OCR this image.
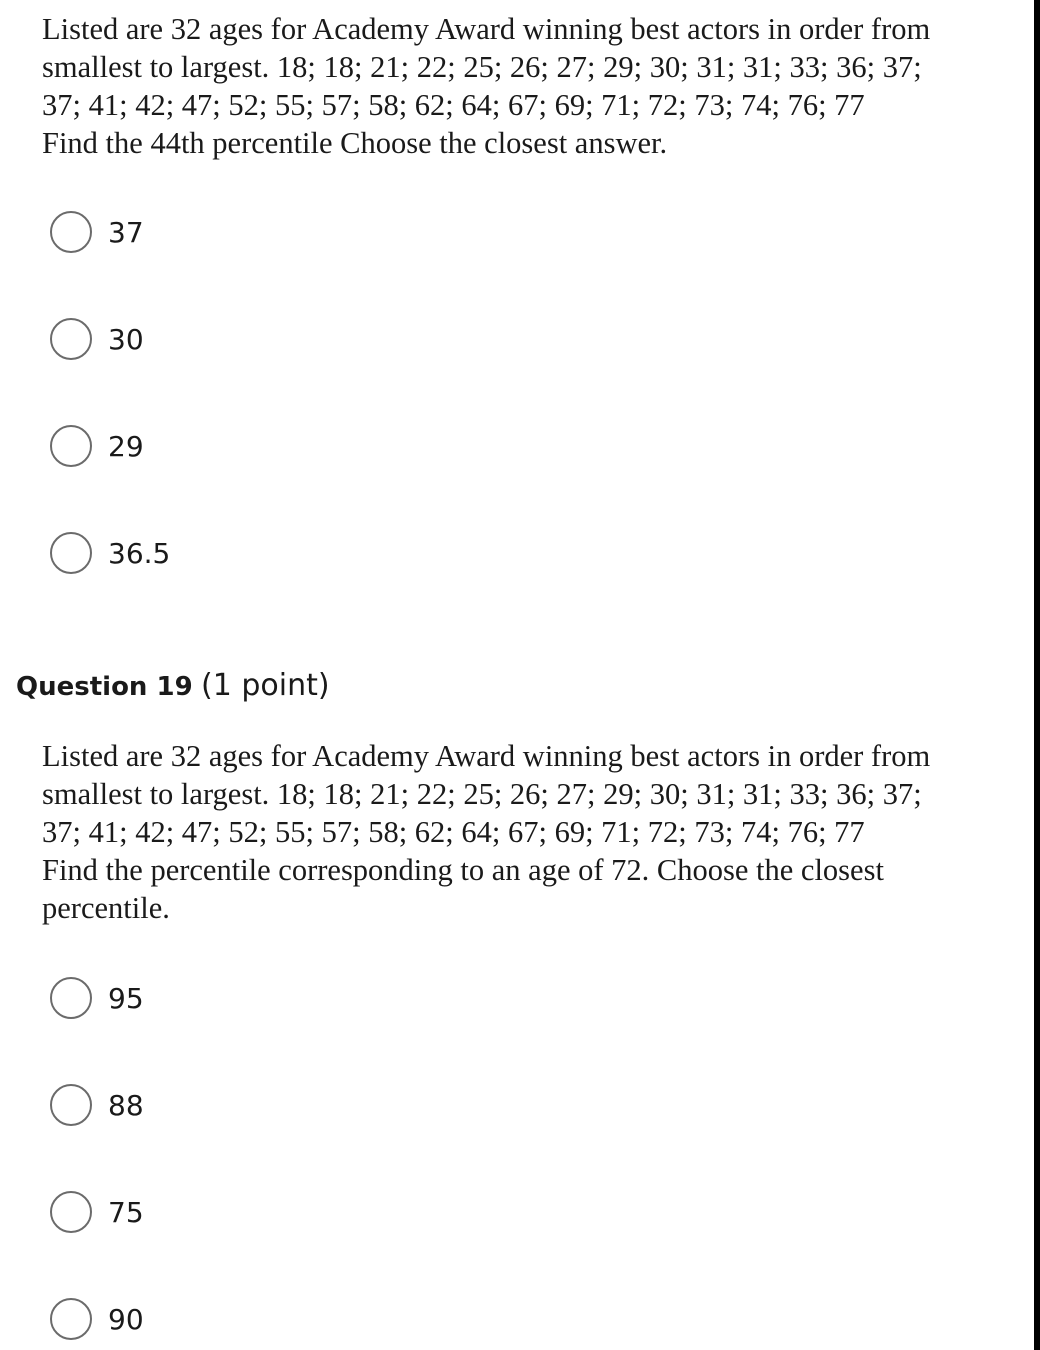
Listed are 32 ages for Academy Award winning best actors in order from
smallest to largest. 18; 18; 21; 22; 25; 26; 27; 29; 30; 31; 31; 33; 36; 37;
37; 41; 42; 47; 52; 55; 57; 58; 62; 64; 67; 69; 71; 72; 73; 74; 76; 77
Find the 44th percentile Choose the closest answer.

37
30
29
36.5
Question 19 (1 point)

Listed are 32 ages for Academy Award winning best actors in order from
smallest to largest. 18; 18; 21; 22; 25; 26; 27; 29; 30; 31; 31; 33; 36; 37;
37; 41; 42; 47; 52; 55; 57; 58; 62; 64; 67; 69; 71; 72; 73; 74; 76; 77
Find the percentile corresponding to an age of 72. Choose the closest
percentile.

95
88
75
90
